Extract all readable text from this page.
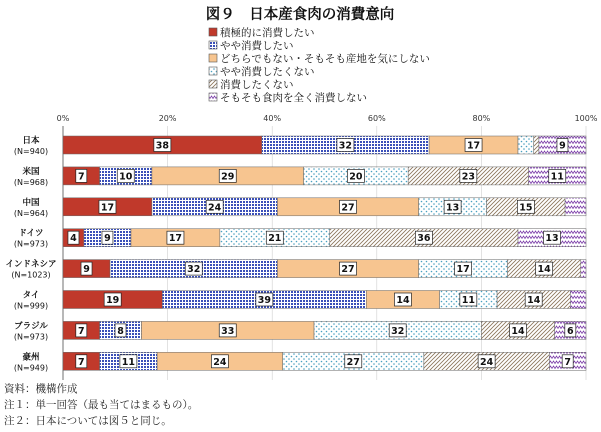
図９　日本産食肉の消費意向
積極的に消費したい
やや消費したい
どちらでもない・そもそも産地を気にしない
やや消費したくない
消費したくない
そもそも食肉を全く消費しない
0%	20%	40%	60%	80%	100%
日本
(N=940)	38	32	17	9
米国
(N=968)	7	10	29	20	23	11
中国
(N=964)	17	24	27	13	15
ドイツ
(N=973) 4	9	17	21	36	13
インドネシア
(N=1023)	9	32	27	17	14
タイ
(N=999)	19	39	14	11	14
ブラジル
(N=973)	7	8	33	32	14	6
豪州
(N=949)	7	11	24	27	24	7
資料：機構作成
注１：単一回答（最も当てはまるもの）。
注２：日本については図５と同じ。
